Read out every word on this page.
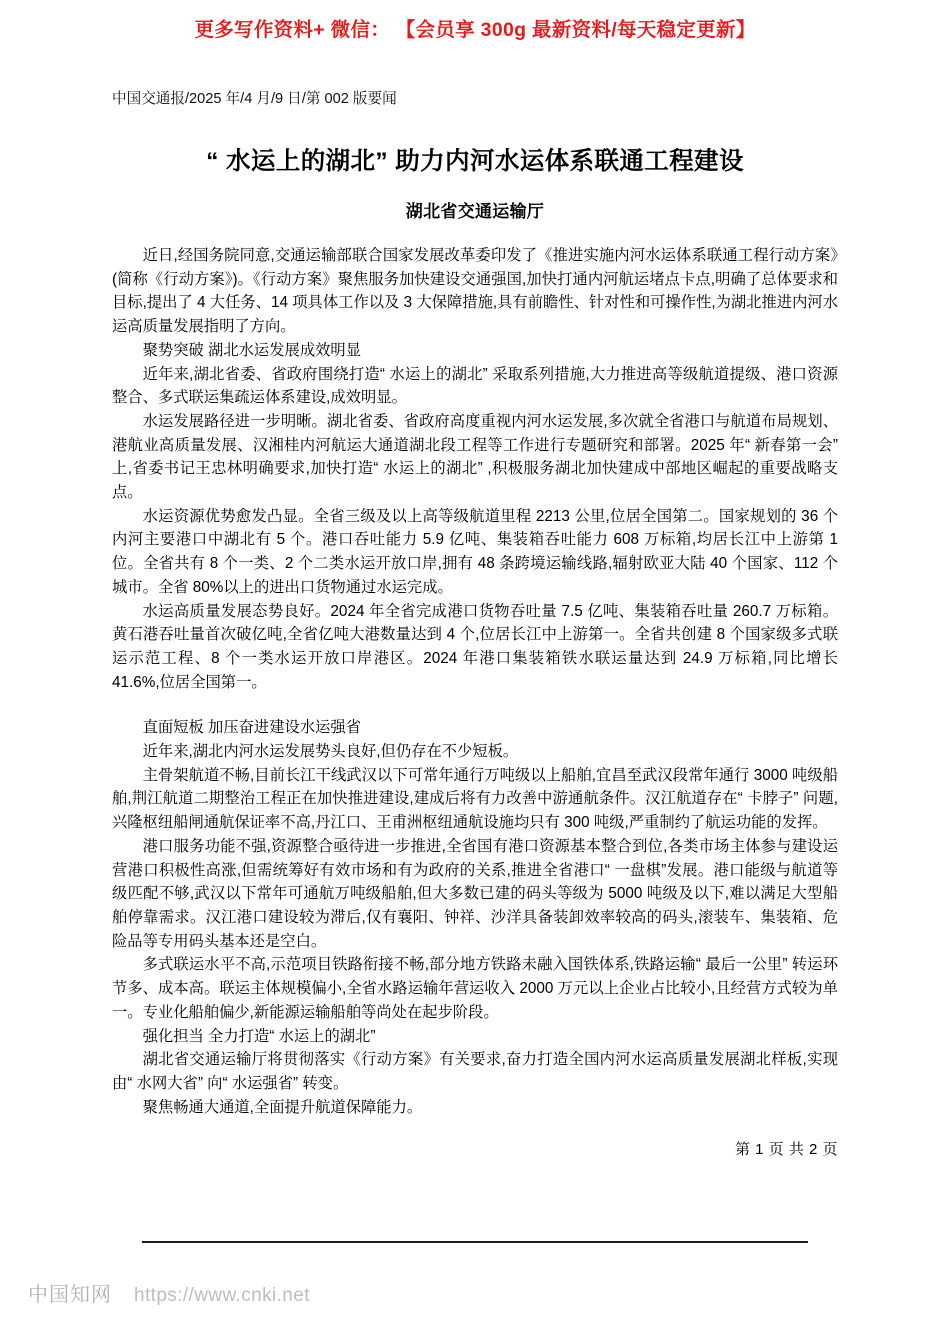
更多写作资料+ 微信： 【会员享 300g 最新资料/每天稳定更新】
中国交通报/2025 年/4 月/9 日/第 002 版要闻
“ 水运上的湖北” 助力内河水运体系联通工程建设
湖北省交通运输厅

近日,经国务院同意,交通运输部联合国家发展改革委印发了《推进实施内河水运体系联通工程行动方案》(简称《行动方案》)。《行动方案》聚焦服务加快建设交通强国,加快打通内河航运堵点卡点,明确了总体要求和目标,提出了 4 大任务、14 项具体工作以及 3 大保障措施,具有前瞻性、针对性和可操作性,为湖北推进内河水运高质量发展指明了方向。

聚势突破 湖北水运发展成效明显

近年来,湖北省委、省政府围绕打造“ 水运上的湖北” 采取系列措施,大力推进高等级航道提级、港口资源整合、多式联运集疏运体系建设,成效明显。

水运发展路径进一步明晰。湖北省委、省政府高度重视内河水运发展,多次就全省港口与航道布局规划、港航业高质量发展、汉湘桂内河航运大通道湖北段工程等工作进行专题研究和部署。2025 年“ 新春第一会” 上,省委书记王忠林明确要求,加快打造“ 水运上的湖北” ,积极服务湖北加快建成中部地区崛起的重要战略支点。

水运资源优势愈发凸显。全省三级及以上高等级航道里程 2213 公里,位居全国第二。国家规划的 36 个内河主要港口中湖北有 5 个。港口吞吐能力 5.9 亿吨、集装箱吞吐能力 608 万标箱,均居长江中上游第 1 位。全省共有 8 个一类、2 个二类水运开放口岸,拥有 48 条跨境运输线路,辐射欧亚大陆 40 个国家、112 个城市。全省 80%以上的进出口货物通过水运完成。

水运高质量发展态势良好。2024 年全省完成港口货物吞吐量 7.5 亿吨、集装箱吞吐量 260.7 万标箱。黄石港吞吐量首次破亿吨,全省亿吨大港数量达到 4 个,位居长江中上游第一。全省共创建 8 个国家级多式联运示范工程、8 个一类水运开放口岸港区。2024 年港口集装箱铁水联运量达到 24.9 万标箱,同比增长 41.6%,位居全国第一。

直面短板 加压奋进建设水运强省

近年来,湖北内河水运发展势头良好,但仍存在不少短板。

主骨架航道不畅,目前长江干线武汉以下可常年通行万吨级以上船舶,宜昌至武汉段常年通行 3000 吨级船舶,荆江航道二期整治工程正在加快推进建设,建成后将有力改善中游通航条件。汉江航道存在“ 卡脖子” 问题,兴隆枢纽船闸通航保证率不高,丹江口、王甫洲枢纽通航设施均只有 300 吨级,严重制约了航运功能的发挥。

港口服务功能不强,资源整合亟待进一步推进,全省国有港口资源基本整合到位,各类市场主体参与建设运营港口积极性高涨,但需统筹好有效市场和有为政府的关系,推进全省港口“ 一盘棋”发展。港口能级与航道等级匹配不够,武汉以下常年可通航万吨级船舶,但大多数已建的码头等级为 5000 吨级及以下,难以满足大型船舶停靠需求。汉江港口建设较为滞后,仅有襄阳、钟祥、沙洋具备装卸效率较高的码头,滚装车、集装箱、危险品等专用码头基本还是空白。

多式联运水平不高,示范项目铁路衔接不畅,部分地方铁路未融入国铁体系,铁路运输“ 最后一公里” 转运环节多、成本高。联运主体规模偏小,全省水路运输年营运收入 2000 万元以上企业占比较小,且经营方式较为单一。专业化船舶偏少,新能源运输船舶等尚处在起步阶段。

强化担当 全力打造“ 水运上的湖北”

湖北省交通运输厅将贯彻落实《行动方案》有关要求,奋力打造全国内河水运高质量发展湖北样板,实现由“ 水网大省” 向“ 水运强省” 转变。

聚焦畅通大通道,全面提升航道保障能力。

第 1 页 共 2 页
中国知网 https://www.cnki.net
